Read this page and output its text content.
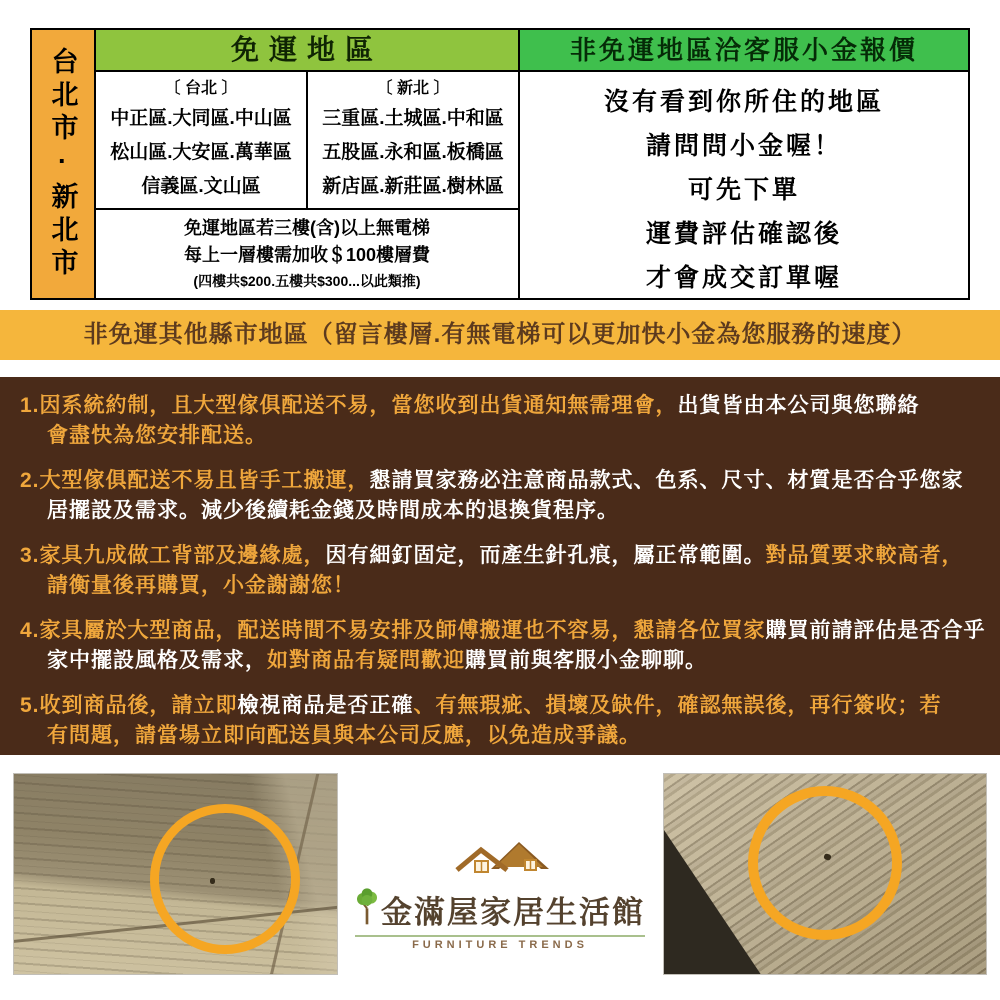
台北市·新北市	免運地區
〔 台北 〕
中正區.大同區.中山區
松山區.大安區.萬華區
信義區.文山區
〔 新北 〕
三重區.土城區.中和區
五股區.永和區.板橋區
新店區.新莊區.樹林區
免運地區若三樓(含)以上無電梯
每上一層樓需加收＄100樓層費
(四樓共$200.五樓共$300...以此類推)
非免運地區洽客服小金報價
沒有看到你所住的地區
請問問小金喔！
可先下單
運費評估確認後
才會成交訂單喔
非免運其他縣市地區（留言樓層.有無電梯可以更加快小金為您服務的速度）
1.因系統約制，且大型傢俱配送不易，當您收到出貨通知無需理會，出貨皆由本公司與您聯絡
會盡快為您安排配送。
2.大型傢俱配送不易且皆手工搬運，懇請買家務必注意商品款式、色系、尺寸、材質是否合乎您家
居擺設及需求。減少後續耗金錢及時間成本的退換貨程序。
3.家具九成做工背部及邊緣處，因有細釘固定，而產生針孔痕，屬正常範圍。對品質要求較高者，
請衡量後再購買，小金謝謝您！
4.家具屬於大型商品，配送時間不易安排及師傅搬運也不容易，懇請各位買家購買前請評估是否合乎
家中擺設風格及需求，如對商品有疑問歡迎購買前與客服小金聊聊。
5.收到商品後，請立即檢視商品是否正確、有無瑕疵、損壞及缺件，確認無誤後，再行簽收；若
有問題，請當場立即向配送員與本公司反應，以免造成爭議。
金滿屋家居生活館
FURNITURE TRENDS
